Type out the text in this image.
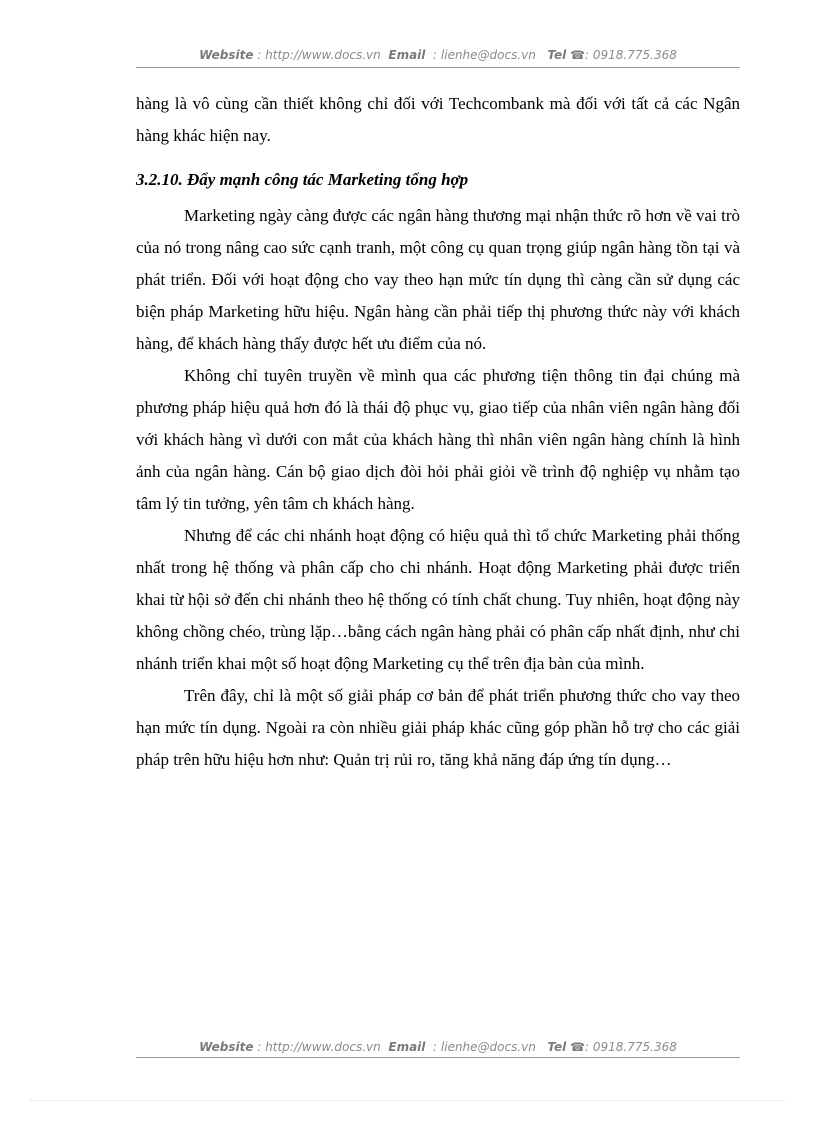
Website : http://www.docs.vn Email : lienhe@docs.vn Tel ☎: 0918.775.368

hàng là vô cùng cần thiết không chỉ đối với Techcombank mà đối với tất cả các Ngân hàng khác hiện nay.

3.2.10. Đẩy mạnh công tác Marketing tổng hợp

Marketing ngày càng được các ngân hàng thương mại nhận thức rõ hơn về vai trò của nó trong nâng cao sức cạnh tranh, một công cụ quan trọng giúp ngân hàng tồn tại và phát triển. Đối với hoạt động cho vay theo hạn mức tín dụng thì càng cần sử dụng các biện pháp Marketing hữu hiệu. Ngân hàng cần phải tiếp thị phương thức này với khách hàng, để khách hàng thấy được hết ưu điểm của nó.

Không chỉ tuyên truyền về mình qua các phương tiện thông tin đại chúng mà phương pháp hiệu quả hơn đó là thái độ phục vụ, giao tiếp của nhân viên ngân hàng đối với khách hàng vì dưới con mắt của khách hàng thì nhân viên ngân hàng chính là hình ảnh của ngân hàng. Cán bộ giao dịch đòi hỏi phải giỏi về trình độ nghiệp vụ nhằm tạo tâm lý tin tưởng, yên tâm ch khách hàng.

Nhưng để các chi nhánh hoạt động có hiệu quả thì tổ chức Marketing phải thống nhất trong hệ thống và phân cấp cho chi nhánh. Hoạt động Marketing phải được triển khai từ hội sở đến chi nhánh theo hệ thống có tính chất chung. Tuy nhiên, hoạt động này không chồng chéo, trùng lặp…bằng cách ngân hàng phải có phân cấp nhất định, như chi nhánh triển khai một số hoạt động Marketing cụ thể trên địa bàn của mình.

Trên đây, chỉ là một số giải pháp cơ bản để phát triển phương thức cho vay theo hạn mức tín dụng. Ngoài ra còn nhiều giải pháp khác cũng góp phần hỗ trợ cho các giải pháp trên hữu hiệu hơn như: Quản trị rủi ro, tăng khả năng đáp ứng tín dụng…

Website : http://www.docs.vn Email : lienhe@docs.vn Tel ☎: 0918.775.368
